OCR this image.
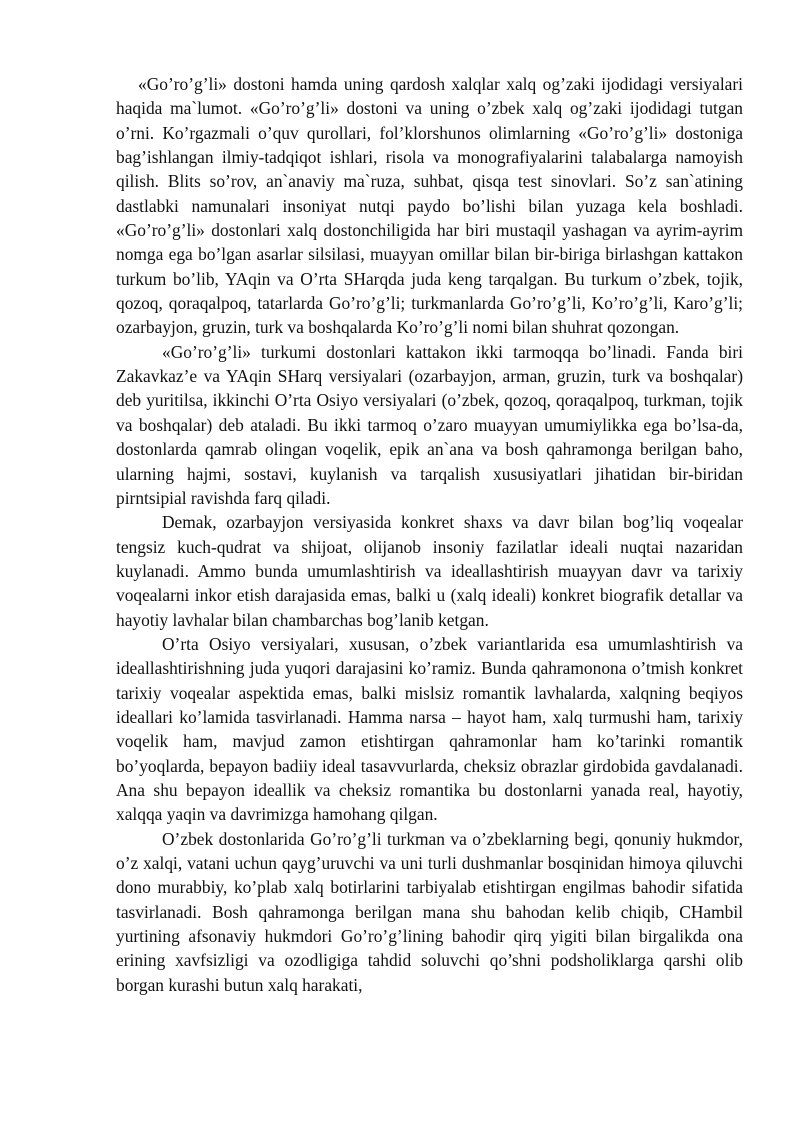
«Go’ro’g’li» dostoni hamda uning qardosh xalqlar xalq og’zaki ijodidagi versiyalari haqida ma`lumot. «Go’ro’g’li» dostoni va uning o’zbek xalq og’zaki ijodidagi tutgan o’rni. Ko’rgazmali o’quv qurollari, fol’klorshunos olimlarning «Go’ro’g’li» dostoniga bag’ishlangan ilmiy-tadqiqot ishlari, risola va monografiyalarini talabalarga namoyish qilish. Blits so’rov, an`anaviy ma`ruza, suhbat, qisqa test sinovlari. So’z san`atining dastlabki namunalari insoniyat nutqi paydo bo’lishi bilan yuzaga kela boshladi. «Go’ro’g’li» dostonlari xalq dostonchiligida har biri mustaqil yashagan va ayrim-ayrim nomga ega bo’lgan asarlar silsilasi, muayyan omillar bilan bir-biriga birlashgan kattakon turkum bo’lib, YAqin va O’rta SHarqda juda keng tarqalgan. Bu turkum o’zbek, tojik, qozoq, qoraqalpoq, tatarlarda Go’ro’g’li; turkmanlarda Go’ro’g’li, Ko’ro’g’li, Karo’g’li; ozarbayjon, gruzin, turk va boshqalarda Ko’ro’g’li nomi bilan shuhrat qozongan.

«Go’ro’g’li» turkumi dostonlari kattakon ikki tarmoqqa bo’linadi. Fanda biri Zakavkaz’e va YAqin SHarq versiyalari (ozarbayjon, arman, gruzin, turk va boshqalar) deb yuritilsa, ikkinchi O’rta Osiyo versiyalari (o’zbek, qozoq, qoraqalpoq, turkman, tojik va boshqalar) deb ataladi. Bu ikki tarmoq o’zaro muayyan umumiylikka ega bo’lsa-da, dostonlarda qamrab olingan voqelik, epik an`ana va bosh qahramonga berilgan baho, ularning hajmi, sostavi, kuylanish va tarqalish xususiyatlari jihatidan bir-biridan pirntsipial ravishda farq qiladi.

Demak, ozarbayjon versiyasida konkret shaxs va davr bilan bog’liq voqealar tengsiz kuch-qudrat va shijoat, olijanob insoniy fazilatlar ideali nuqtai nazaridan kuylanadi. Ammo bunda umumlashtirish va ideallashtirish muayyan davr va tarixiy voqealarni inkor etish darajasida emas, balki u (xalq ideali) konkret biografik detallar va hayotiy lavhalar bilan chambarchas bog’lanib ketgan.

O’rta Osiyo versiyalari, xususan, o’zbek variantlarida esa umumlashtirish va ideallashtirishning juda yuqori darajasini ko’ramiz. Bunda qahramonona o’tmish konkret tarixiy voqealar aspektida emas, balki mislsiz romantik lavhalarda, xalqning beqiyos ideallari ko’lamida tasvirlanadi. Hamma narsa – hayot ham, xalq turmushi ham, tarixiy voqelik ham, mavjud zamon etishtirgan qahramonlar ham ko’tarinki romantik bo’yoqlarda, bepayon badiiy ideal tasavvurlarda, cheksiz obrazlar girdobida gavdalanadi. Ana shu bepayon ideallik va cheksiz romantika bu dostonlarni yanada real, hayotiy, xalqqa yaqin va davrimizga hamohang qilgan.

O’zbek dostonlarida Go’ro’g’li turkman va o’zbeklarning begi, qonuniy hukmdor, o’z xalqi, vatani uchun qayg’uruvchi va uni turli dushmanlar bosqinidan himoya qiluvchi dono murabbiy, ko’plab xalq botirlarini tarbiyalab etishtirgan engilmas bahodir sifatida tasvirlanadi. Bosh qahramonga berilgan mana shu bahodan kelib chiqib, CHambil yurtining afsonaviy hukmdori Go’ro’g’lining bahodir qirq yigiti bilan birgalikda ona erining xavfsizligi va ozodligiga tahdid soluvchi qo’shni podsholiklarga qarshi olib borgan kurashi butun xalq harakati,
